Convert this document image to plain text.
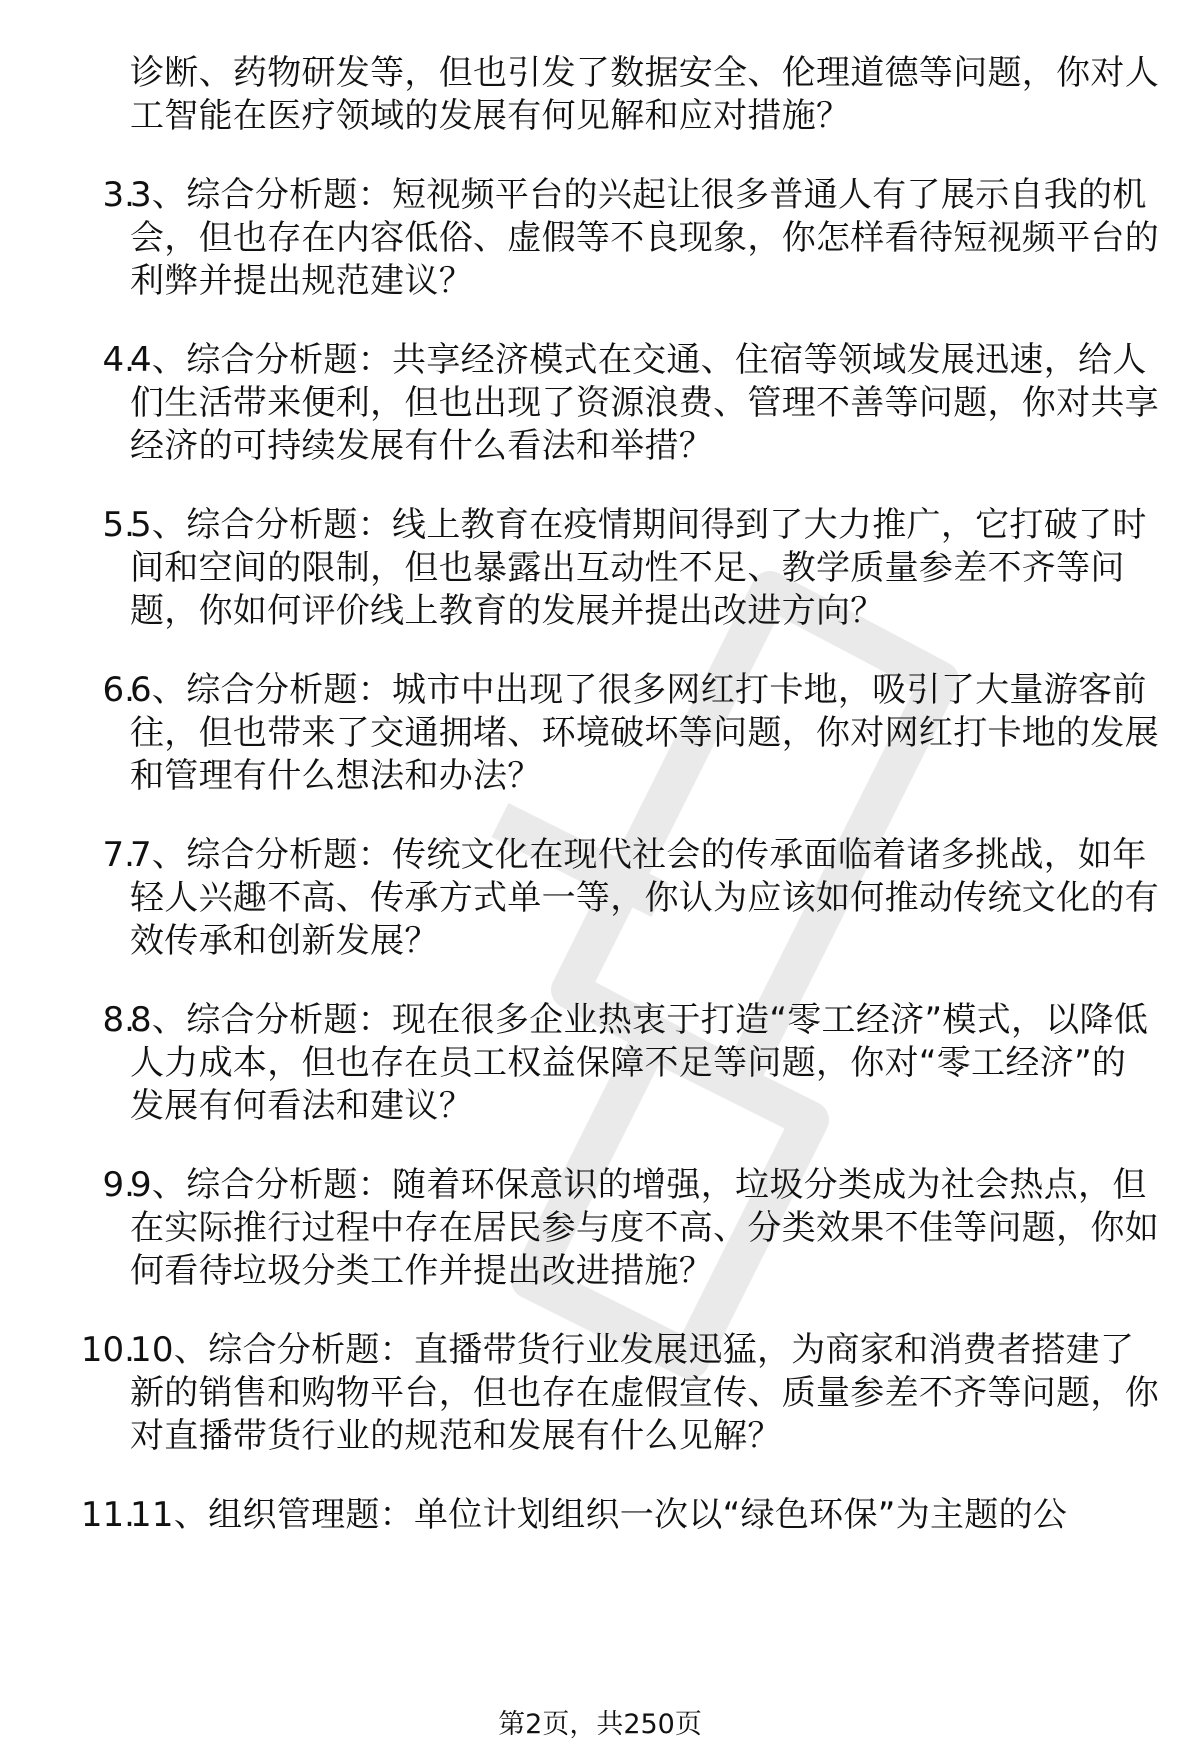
诊断、药物研发等，但也引发了数据安全、伦理道德等问题，你对人工智能在医疗领域的发展有何见解和应对措施？
3.
3、综合分析题：短视频平台的兴起让很多普通人有了展示自我的机会，但也存在内容低俗、虚假等不良现象，你怎样看待短视频平台的利弊并提出规范建议？
4.
4、综合分析题：共享经济模式在交通、住宿等领域发展迅速，给人们生活带来便利，但也出现了资源浪费、管理不善等问题，你对共享经济的可持续发展有什么看法和举措？
5.
5、综合分析题：线上教育在疫情期间得到了大力推广，它打破了时间和空间的限制，但也暴露出互动性不足、教学质量参差不齐等问题，你如何评价线上教育的发展并提出改进方向？
6.
6、综合分析题：城市中出现了很多网红打卡地，吸引了大量游客前往，但也带来了交通拥堵、环境破坏等问题，你对网红打卡地的发展和管理有什么想法和办法？
7.
7、综合分析题：传统文化在现代社会的传承面临着诸多挑战，如年轻人兴趣不高、传承方式单一等，你认为应该如何推动传统文化的有效传承和创新发展？
8.
8、综合分析题：现在很多企业热衷于打造“零工经济”模式，以降低人力成本，但也存在员工权益保障不足等问题，你对“零工经济”的发展有何看法和建议？
9.
9、综合分析题：随着环保意识的增强，垃圾分类成为社会热点，但在实际推行过程中存在居民参与度不高、分类效果不佳等问题，你如何看待垃圾分类工作并提出改进措施？
10.
10、综合分析题：直播带货行业发展迅猛，为商家和消费者搭建了新的销售和购物平台，但也存在虚假宣传、质量参差不齐等问题，你对直播带货行业的规范和发展有什么见解？
11.
11、组织管理题：单位计划组织一次以“绿色环保”为主题的公
第2页，共250页
